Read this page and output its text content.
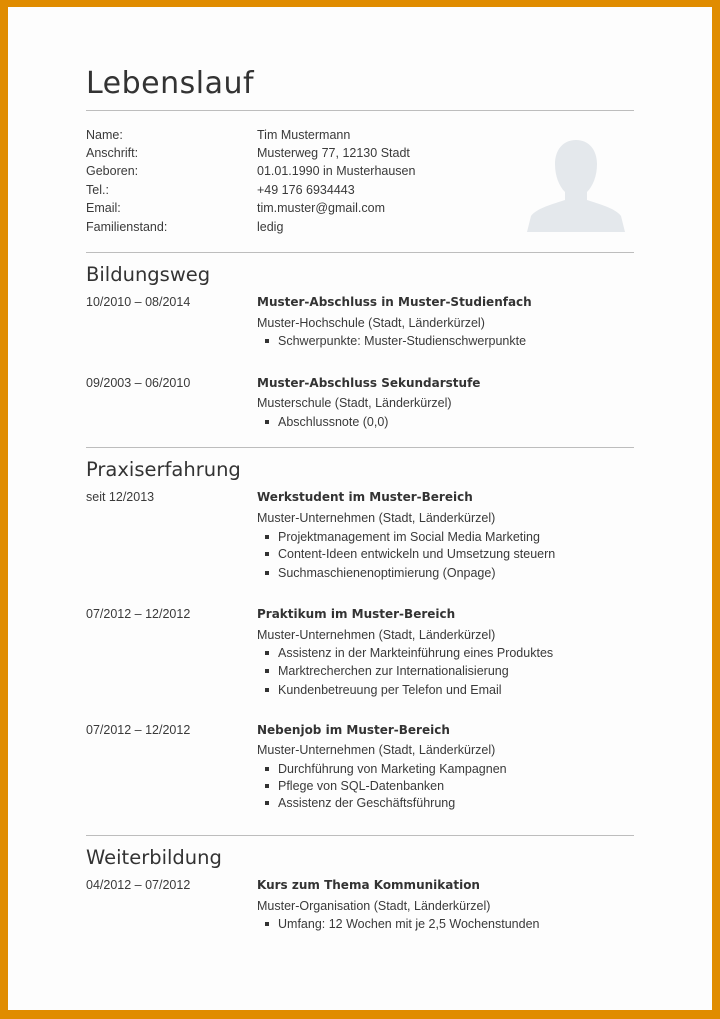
Lebenslauf
Name:	Tim Mustermann
Anschrift:	Musterweg 77, 12130 Stadt
Geboren:	01.01.1990 in Musterhausen
Tel.:	+49 176 6934443
Email:	tim.muster@gmail.com
Familienstand:	ledig
Bildungsweg
10/2010 – 08/2014	Muster-Abschluss in Muster-Studienfach
Muster-Hochschule (Stadt, Länderkürzel)
Schwerpunkte: Muster-Studienschwerpunkte
09/2003 – 06/2010	Muster-Abschluss Sekundarstufe
Musterschule (Stadt, Länderkürzel)
Abschlussnote (0,0)
Praxiserfahrung
seit 12/2013	Werkstudent im Muster-Bereich
Muster-Unternehmen (Stadt, Länderkürzel)
Projektmanagement im Social Media Marketing
Content-Ideen entwickeln und Umsetzung steuern
Suchmaschienenoptimierung (Onpage)
07/2012 – 12/2012	Praktikum im Muster-Bereich
Muster-Unternehmen (Stadt, Länderkürzel)
Assistenz in der Markteinführung eines Produktes
Marktrecherchen zur Internationalisierung
Kundenbetreuung per Telefon und Email
07/2012 – 12/2012	Nebenjob im Muster-Bereich
Muster-Unternehmen (Stadt, Länderkürzel)
Durchführung von Marketing Kampagnen
Pflege von SQL-Datenbanken
Assistenz der Geschäftsführung
Weiterbildung
04/2012 – 07/2012	Kurs zum Thema Kommunikation
Muster-Organisation (Stadt, Länderkürzel)
Umfang: 12 Wochen mit je 2,5 Wochenstunden
